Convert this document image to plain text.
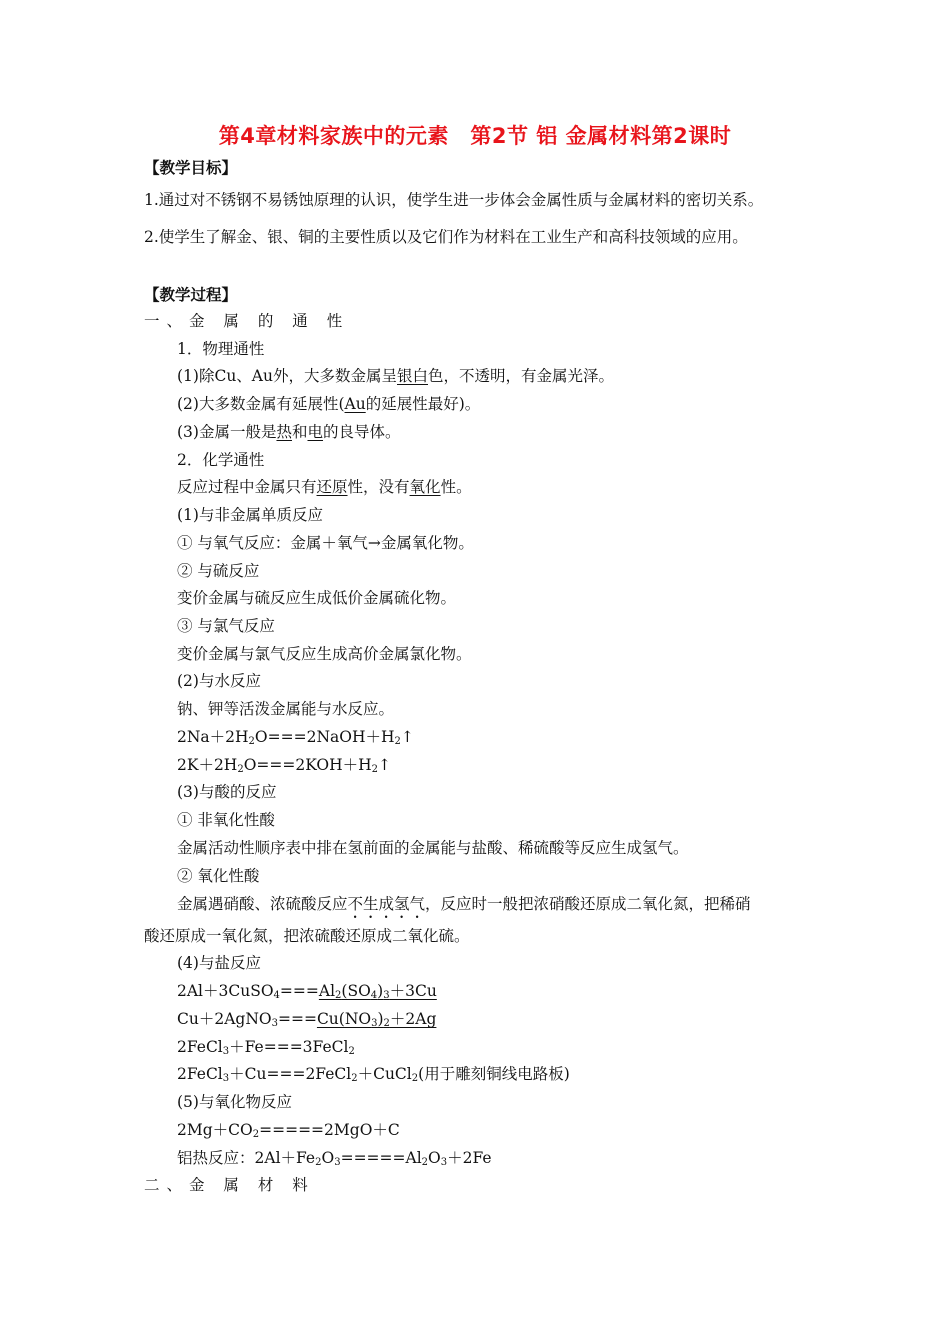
第4章材料家族中的元素　第2节 铝 金属材料第2课时
【教学目标】
1.通过对不锈钢不易锈蚀原理的认识，使学生进一步体会金属性质与金属材料的密切关系。
2.使学生了解金、银、铜的主要性质以及它们作为材料在工业生产和高科技领域的应用。
【教学过程】
一、金 属 的 通 性
1．物理通性
(1)除Cu、Au外，大多数金属呈银白色，不透明，有金属光泽。
(2)大多数金属有延展性(Au的延展性最好)。
(3)金属一般是热和电的良导体。
2．化学通性
反应过程中金属只有还原性，没有氧化性。
(1)与非金属单质反应
① 与氧气反应：金属＋氧气→金属氧化物。
② 与硫反应
变价金属与硫反应生成低价金属硫化物。
③ 与氯气反应
变价金属与氯气反应生成高价金属氯化物。
(2)与水反应
钠、钾等活泼金属能与水反应。
$2Na+2H_2O===2NaOH+H_2↑$
$2K+2H_2O===2KOH+H_2↑$
(3)与酸的反应
① 非氧化性酸
金属活动性顺序表中排在氢前面的金属能与盐酸、稀硫酸等反应生成氢气。
② 氧化性酸
金属遇硝酸、浓硫酸反应不生成氢气，反应时一般把浓硝酸还原成二氧化氮，把稀硝
酸还原成一氧化氮，把浓硫酸还原成二氧化硫。
(4)与盐反应
$2Al+3CuSO_4===Al_2(SO_4)_3+3Cu$
$Cu+2AgNO_3===Cu(NO_3)_2+2Ag$
2FeCl$_3$＋Fe===3FeCl$_2$
2FeCl$_3$＋Cu===2FeCl$_2$＋CuCl$_2$(用于雕刻铜线电路板)
(5)与氧化物反应
$2Mg+CO_2=====2MgO+C$
铝热反应：$2Al+Fe_2O_3=====Al_2O_3+2Fe$
二、金 属 材 料
